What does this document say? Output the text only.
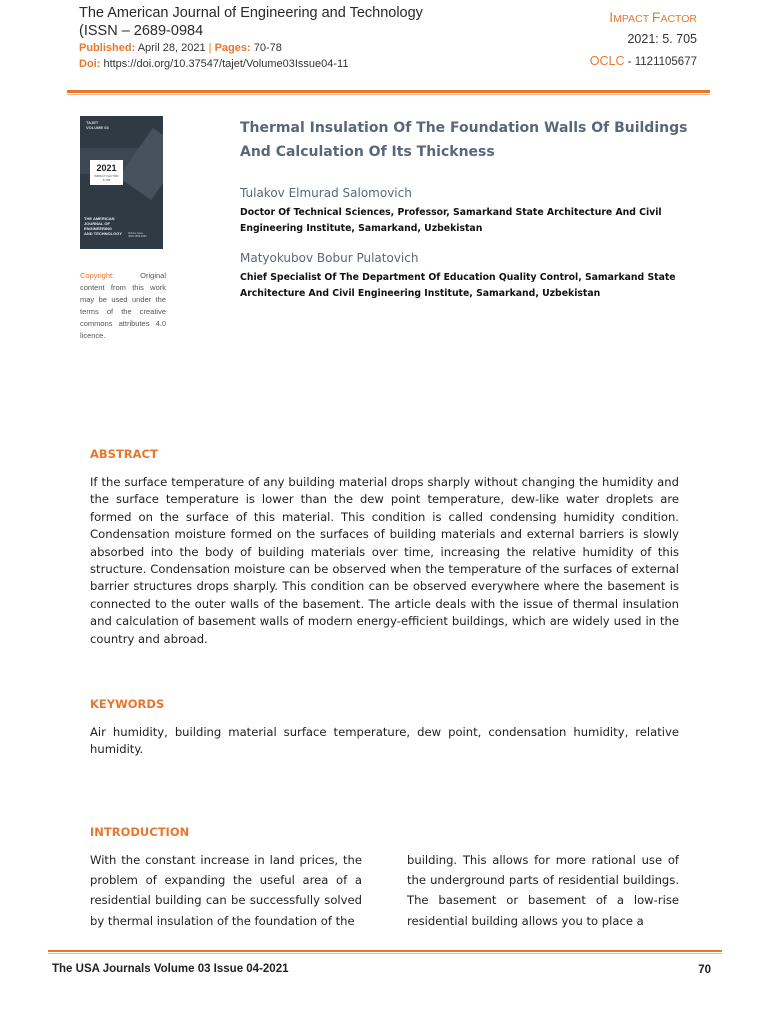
The American Journal of Engineering and Technology
(ISSN – 2689-0984
Published: April 28, 2021 | Pages: 70-78
Doi: https://doi.org/10.37547/tajet/Volume03Issue04-11
IMPACT FACTOR
2021: 5. 705
OCLC - 1121105677
TAJET
VOLUME 03
2021
IMPACT FACTOR
5.705
THE AMERICAN
JOURNAL OF
ENGINEERING
AND TECHNOLOGY	Volume Issue
ISSN 2689-0984
Copyright: Original content from this work may be used under the terms of the creative commons attributes 4.0 licence.
Thermal Insulation Of The Foundation Walls Of Buildings And Calculation Of Its Thickness
Tulakov Elmurad Salomovich
Doctor Of Technical Sciences, Professor, Samarkand State Architecture And Civil Engineering Institute, Samarkand, Uzbekistan
Matyokubov Bobur Pulatovich
Chief Specialist Of The Department Of Education Quality Control, Samarkand State Architecture And Civil Engineering Institute, Samarkand, Uzbekistan
ABSTRACT
If the surface temperature of any building material drops sharply without changing the humidity and the surface temperature is lower than the dew point temperature, dew-like water droplets are formed on the surface of this material. This condition is called condensing humidity condition. Condensation moisture formed on the surfaces of building materials and external barriers is slowly absorbed into the body of building materials over time, increasing the relative humidity of this structure. Condensation moisture can be observed when the temperature of the surfaces of external barrier structures drops sharply. This condition can be observed everywhere where the basement is connected to the outer walls of the basement. The article deals with the issue of thermal insulation and calculation of basement walls of modern energy-efficient buildings, which are widely used in the country and abroad.
KEYWORDS
Air humidity, building material surface temperature, dew point, condensation humidity, relative humidity.
INTRODUCTION
With the constant increase in land prices, the problem of expanding the useful area of a residential building can be successfully solved by thermal insulation of the foundation of the
building. This allows for more rational use of the underground parts of residential buildings. The basement or basement of a low-rise residential building allows you to place a
The USA Journals Volume 03 Issue 04-2021	70
